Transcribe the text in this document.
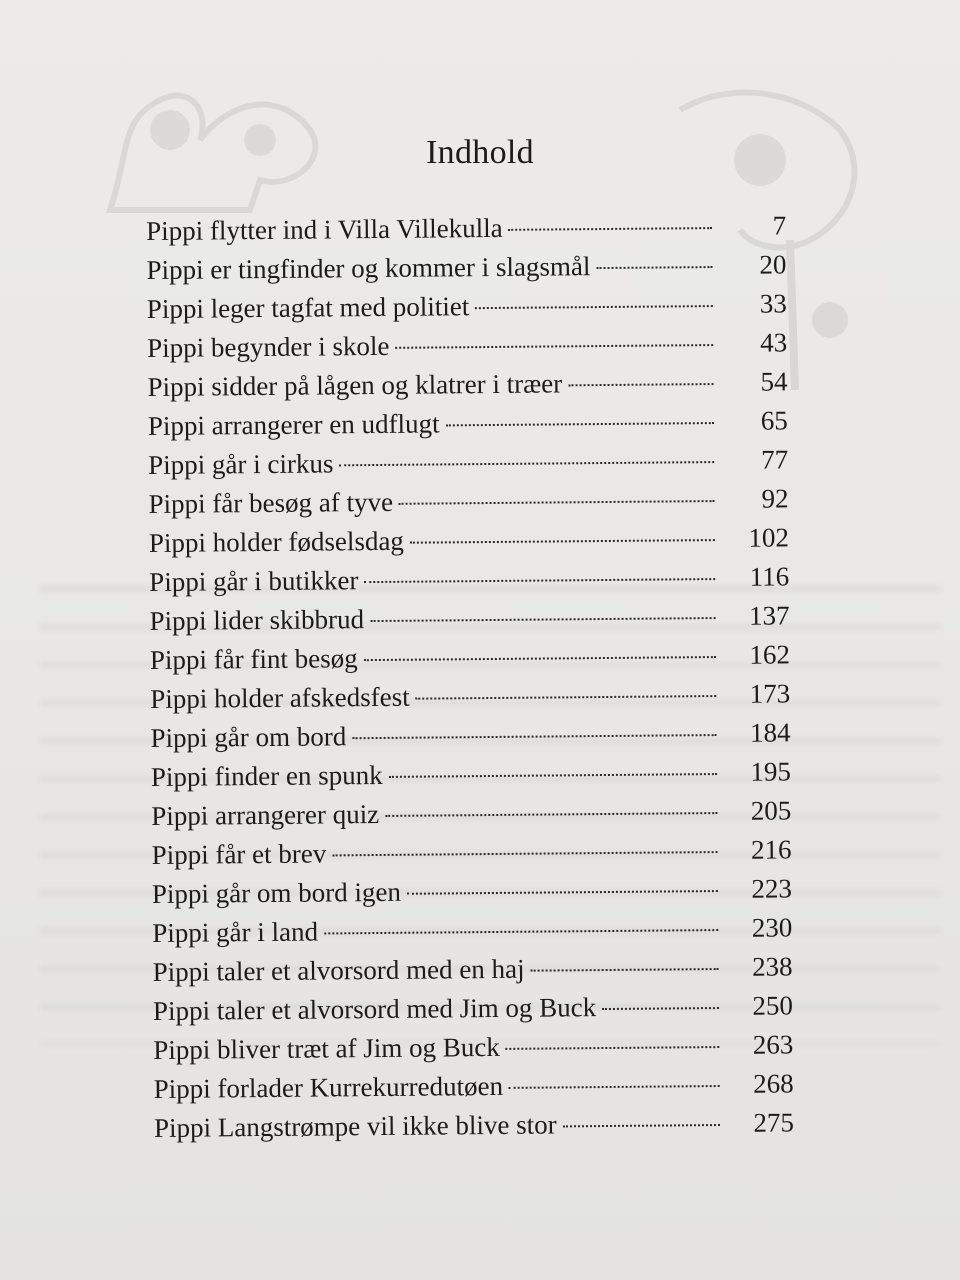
Indhold
Pippi flytter ind i Villa Villekulla	7
Pippi er tingfinder og kommer i slagsmål	20
Pippi leger tagfat med politiet	33
Pippi begynder i skole	43
Pippi sidder på lågen og klatrer i træer	54
Pippi arrangerer en udflugt	65
Pippi går i cirkus	77
Pippi får besøg af tyve	92
Pippi holder fødselsdag	102
Pippi går i butikker	116
Pippi lider skibbrud	137
Pippi får fint besøg	162
Pippi holder afskedsfest	173
Pippi går om bord	184
Pippi finder en spunk	195
Pippi arrangerer quiz	205
Pippi får et brev	216
Pippi går om bord igen	223
Pippi går i land	230
Pippi taler et alvorsord med en haj	238
Pippi taler et alvorsord med Jim og Buck	250
Pippi bliver træt af Jim og Buck	263
Pippi forlader Kurrekurredutøen	268
Pippi Langstrømpe vil ikke blive stor	275
